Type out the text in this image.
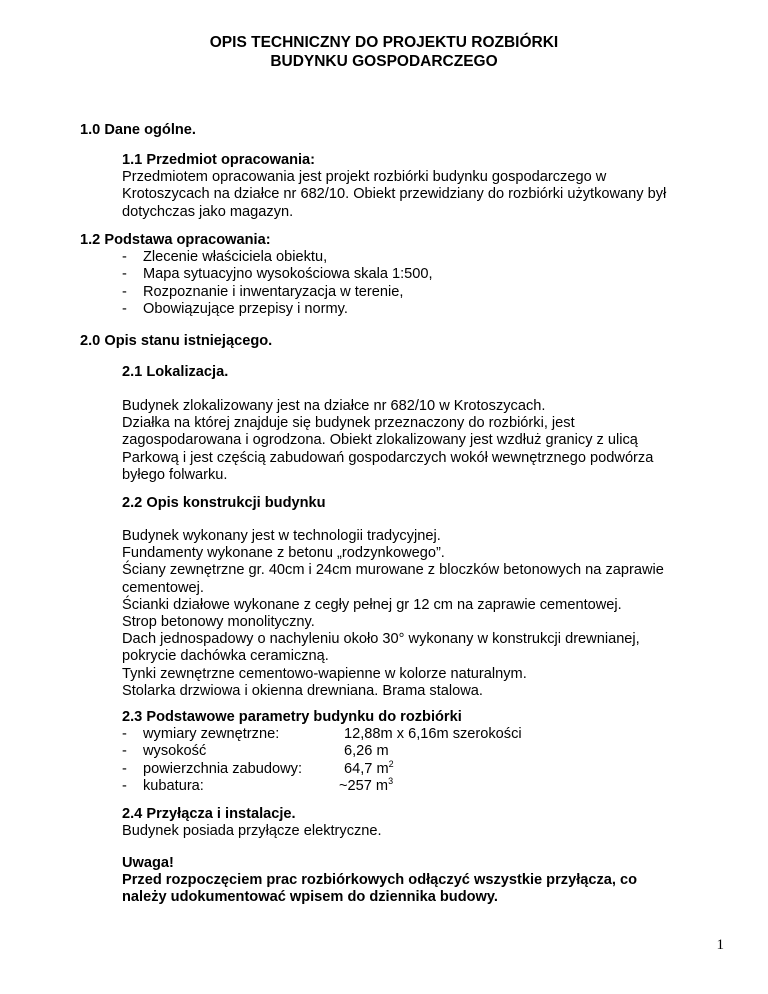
OPIS TECHNICZNY DO PROJEKTU ROZBIÓRKI
BUDYNKU GOSPODARCZEGO
1.0 Dane ogólne.
1.1 Przedmiot opracowania:
Przedmiotem opracowania jest projekt rozbiórki budynku gospodarczego w
Krotoszycach na działce nr 682/10. Obiekt przewidziany do rozbiórki użytkowany był
dotychczas jako magazyn.
1.2 Podstawa opracowania:
-	Zlecenie właściciela obiektu,
-	Mapa sytuacyjno wysokościowa skala 1:500,
-	Rozpoznanie i inwentaryzacja w terenie,
-	Obowiązujące przepisy i normy.
2.0 Opis stanu istniejącego.
2.1 Lokalizacja.
Budynek zlokalizowany jest na działce nr 682/10 w Krotoszycach.
Działka na której znajduje się budynek przeznaczony do rozbiórki, jest
zagospodarowana i ogrodzona. Obiekt zlokalizowany jest wzdłuż granicy z ulicą
Parkową i jest częścią zabudowań gospodarczych wokół wewnętrznego podwórza
byłego folwarku.
2.2 Opis konstrukcji budynku
Budynek wykonany jest w technologii tradycyjnej.
Fundamenty wykonane z betonu „rodzynkowego”.
Ściany zewnętrzne gr. 40cm i 24cm murowane z bloczków betonowych na zaprawie
cementowej.
Ścianki działowe wykonane z cegły pełnej gr 12 cm na zaprawie cementowej.
Strop betonowy monolityczny.
Dach jednospadowy o nachyleniu około 30° wykonany w konstrukcji drewnianej,
pokrycie dachówka ceramiczną.
Tynki zewnętrzne cementowo-wapienne w kolorze naturalnym.
Stolarka drzwiowa i okienna drewniana. Brama stalowa.
2.3 Podstawowe parametry budynku do rozbiórki
-	wymiary zewnętrzne:	12,88m x 6,16m szerokości
-	wysokość	6,26 m
-	powierzchnia zabudowy:	64,7 $m^2$
-	kubatura:	~257 $m^3$
2.4 Przyłącza i instalacje.
Budynek posiada przyłącze elektryczne.
Uwaga!
Przed rozpoczęciem prac rozbiórkowych odłączyć wszystkie przyłącza, co
należy udokumentować wpisem do dziennika budowy.
1
